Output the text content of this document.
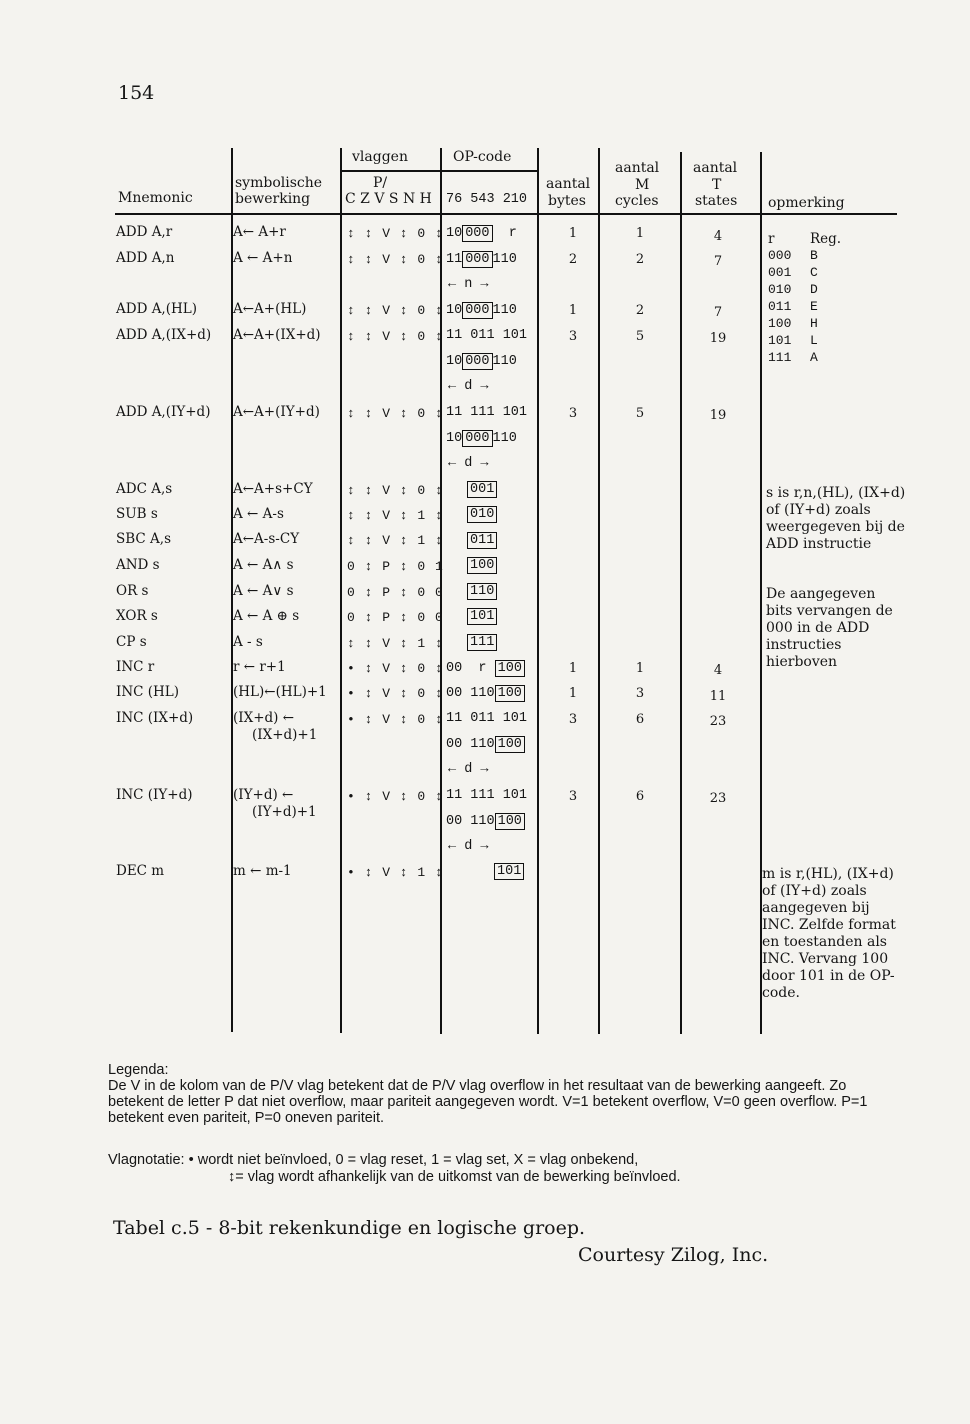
154
Mnemonic
symbolische
bewerking
vlaggen
P/
C Z V S N H
OP-code
76 543 210
aantal
bytes
aantal
M
cycles
aantal
T
states opmerking
ADD A,r
ADD A,n
ADD A,(HL)
ADD A,(IX+d)
ADD A,(IY+d)
ADC A,s
SUB s
SBC A,s
AND s
OR s
XOR s
CP s
INC r
INC (HL)
INC (IX+d)
INC (IY+d)
DEC m
A← A+r
A ← A+n
A←A+(HL)
A←A+(IX+d)
A←A+(IY+d)
A←A+s+CY
A ← A-s
A←A-s-CY
A ← A∧ s
A ← A∨ s
A ← A ⊕ s
A - s
r ← r+1
(HL)←(HL)+1
(IX+d) ←
(IX+d)+1
(IY+d) ←
(IY+d)+1
m ← m-1
↕ ↕ V ↕ 0 ↕
↕ ↕ V ↕ 0 ↕
↕ ↕ V ↕ 0 ↕
↕ ↕ V ↕ 0 ↕
↕ ↕ V ↕ 0 ↕
↕ ↕ V ↕ 0 ↕
↕ ↕ V ↕ 1 ↕
↕ ↕ V ↕ 1 ↕
0 ↕ P ↕ 0 1
0 ↕ P ↕ 0 0
0 ↕ P ↕ 0 0
↕ ↕ V ↕ 1 ↕
• ↕ V ↕ 0 ↕
• ↕ V ↕ 0 ↕
• ↕ V ↕ 0 ↕
• ↕ V ↕ 0 ↕
• ↕ V ↕ 1 ↕
10 000 r
11 000 110
← n →
10 000 110
11 011 101
10 000 110
← d →
11 111 101
10 000 110
← d →
001
010
011
100
110
101
111
00 r 100
00 110 100
11 011 101
00 110 100
← d →
11 111 101
00 110 100
← d →
101
1
2
1
3
3
1
1
3
3
1
2
2
5
5
1
3
6
6
4
7
7
19
19
4
11
23
23
r	Reg.
000 B
001 C
010 D
011 E
100 H
101 L
111 A
s is r,n,(HL), (IX+d) of (IY+d) zoals weergegeven bij de ADD instructie
De aangegeven bits vervangen de 000 in de ADD instructies hierboven
m is r,(HL), (IX+d) of (IY+d) zoals aangegeven bij INC. Zelfde format en toestanden als INC. Vervang 100 door 101 in de OP-code.
Legenda:
De V in de kolom van de P/V vlag betekent dat de P/V vlag overflow in het resultaat van de bewerking aangeeft. Zo betekent de letter P dat niet overflow, maar pariteit aangegeven wordt. V=1 betekent overflow, V=0 geen overflow. P=1 betekent even pariteit, P=0 oneven pariteit.
Vlagnotatie: • wordt niet beïnvloed, 0 = vlag reset, 1 = vlag set, X = vlag onbekend,
↕= vlag wordt afhankelijk van de uitkomst van de bewerking beïnvloed.
Tabel c.5 - 8-bit rekenkundige en logische groep.
Courtesy Zilog, Inc.
